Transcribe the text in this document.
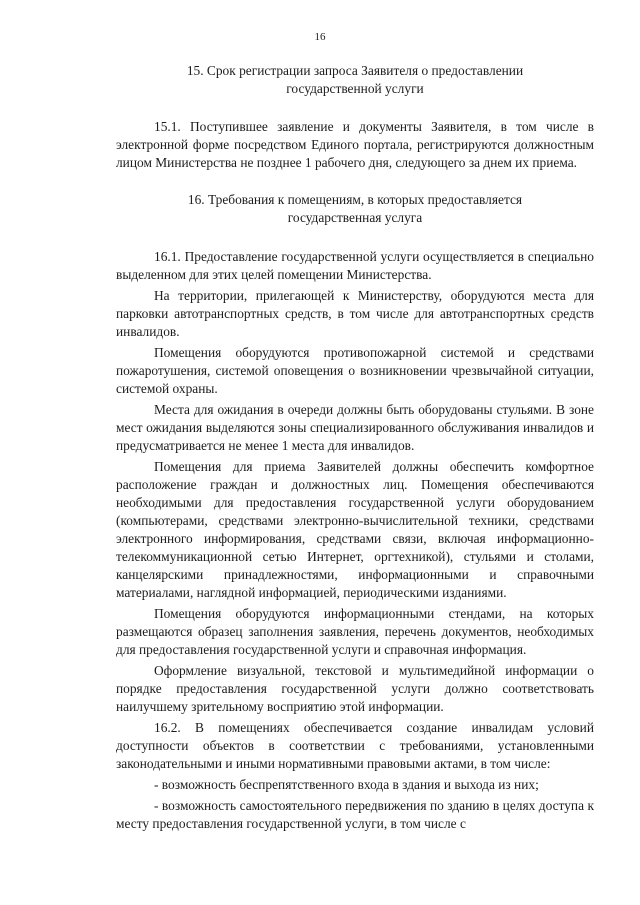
16
15. Срок регистрации запроса Заявителя о предоставлении
государственной услуги

15.1. Поступившее заявление и документы Заявителя, в том числе в электронной форме посредством Единого портала, регистрируются должностным лицом Министерства не позднее 1 рабочего дня, следующего за днем их приема.

16. Требования к помещениям, в которых предоставляется
государственная услуга

16.1. Предоставление государственной услуги осуществляется в специально выделенном для этих целей помещении Министерства.

На территории, прилегающей к Министерству, оборудуются места для парковки автотранспортных средств, в том числе для автотранспортных средств инвалидов.

Помещения оборудуются противопожарной системой и средствами пожаротушения, системой оповещения о возникновении чрезвычайной ситуации, системой охраны.

Места для ожидания в очереди должны быть оборудованы стульями. В зоне мест ожидания выделяются зоны специализированного обслуживания инвалидов и предусматривается не менее 1 места для инвалидов.

Помещения для приема Заявителей должны обеспечить комфортное расположение граждан и должностных лиц. Помещения обеспечиваются необходимыми для предоставления государственной услуги оборудованием (компьютерами, средствами электронно-вычислительной техники, средствами электронного информирования, средствами связи, включая информационно-телекоммуникационной сетью Интернет, оргтехникой), стульями и столами, канцелярскими принадлежностями, информационными и справочными материалами, наглядной информацией, периодическими изданиями.

Помещения оборудуются информационными стендами, на которых размещаются образец заполнения заявления, перечень документов, необходимых для предоставления государственной услуги и справочная информация.

Оформление визуальной, текстовой и мультимедийной информации о порядке предоставления государственной услуги должно соответствовать наилучшему зрительному восприятию этой информации.

16.2. В помещениях обеспечивается создание инвалидам условий доступности объектов в соответствии с требованиями, установленными законодательными и иными нормативными правовыми актами, в том числе:

- возможность беспрепятственного входа в здания и выхода из них;

- возможность самостоятельного передвижения по зданию в целях доступа к месту предоставления государственной услуги, в том числе с
